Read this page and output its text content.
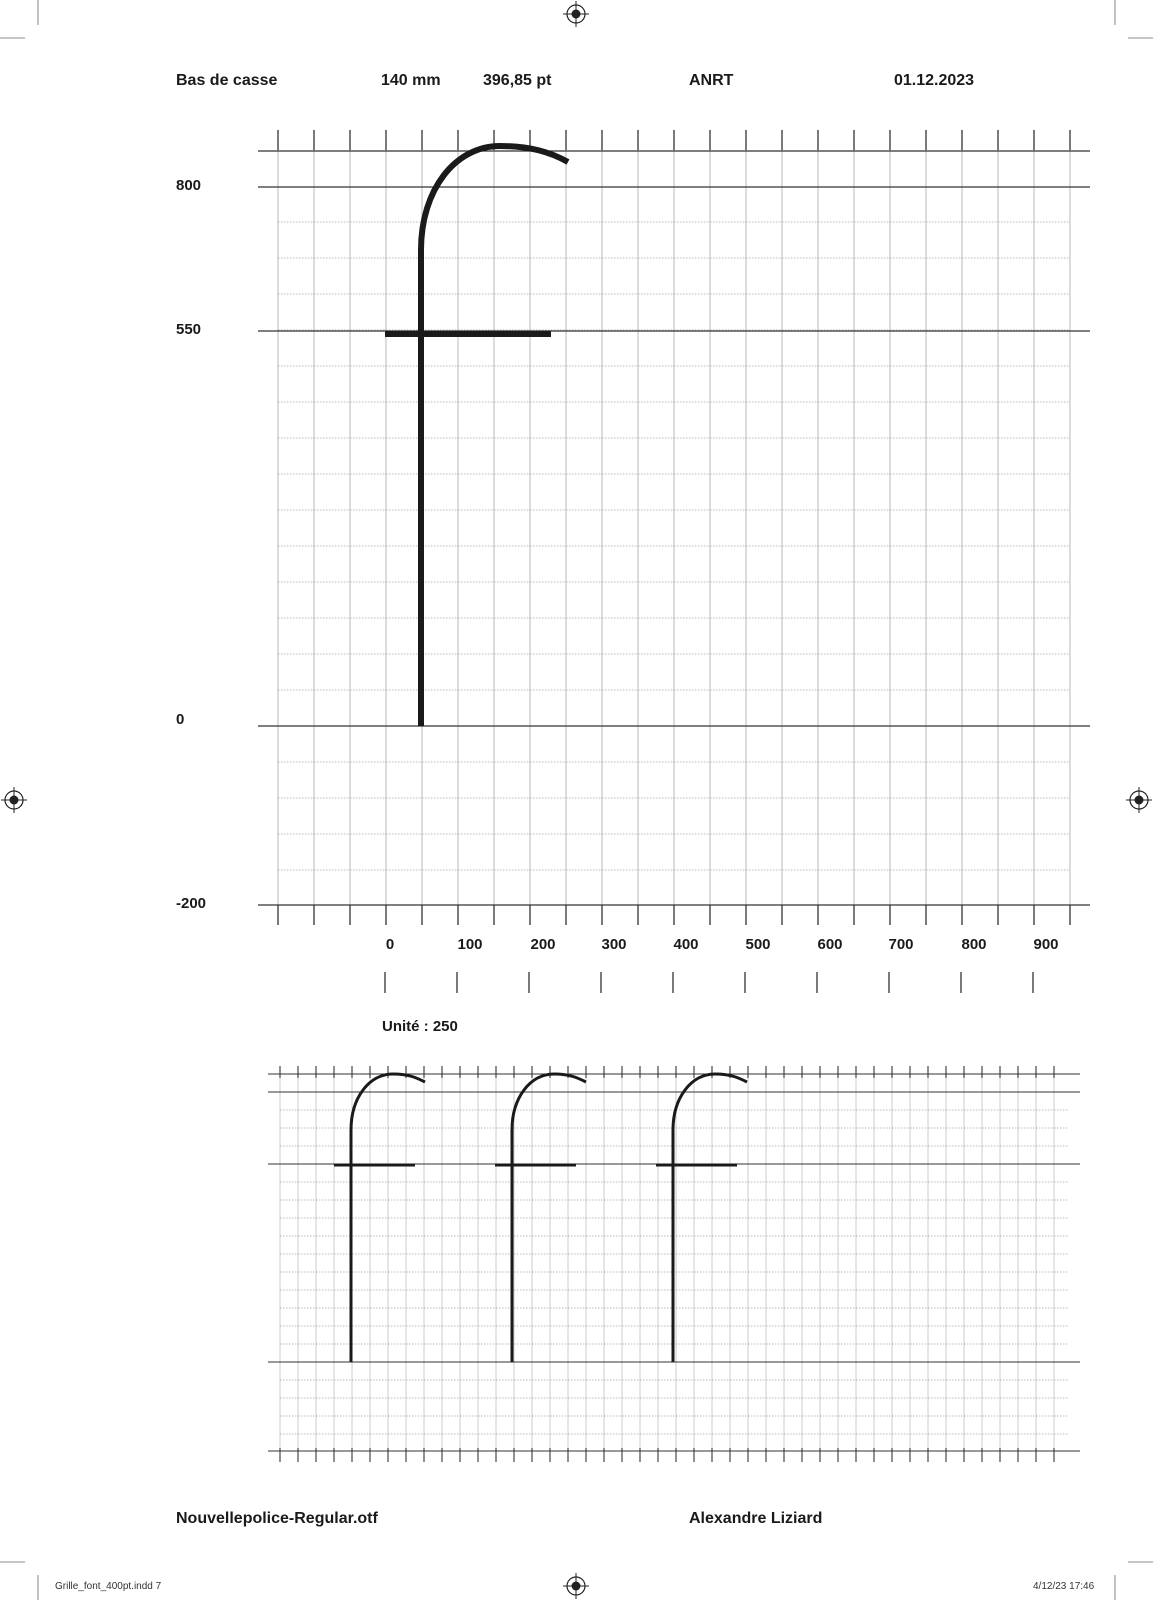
Bas de casse	140 mm	396,85 pt	ANRT	01.12.2023
800
550
0
-200
0	100	200	300	400	500	600	700	800	900
Unité : 250
Nouvellepolice-Regular.otf	Alexandre Liziard
Grille_font_400pt.indd 7	4/12/23 17:46
